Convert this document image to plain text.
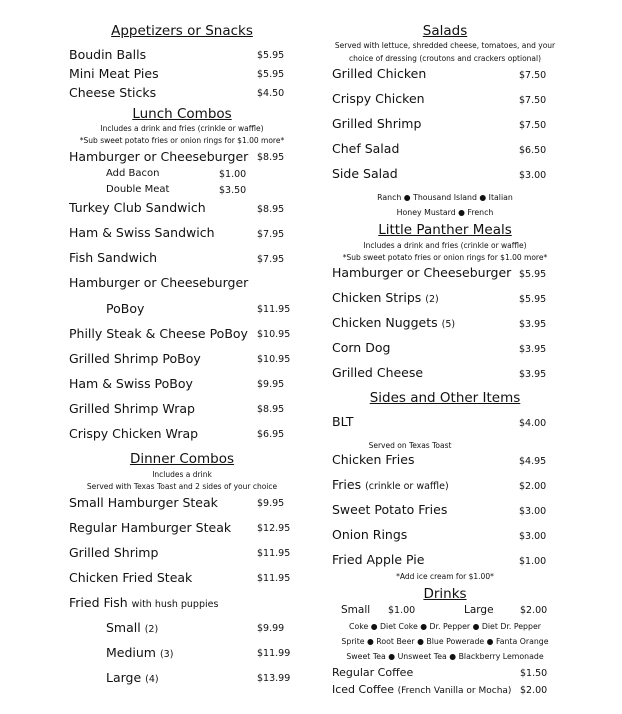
Appetizers or Snacks
Boudin Balls	$5.95
Mini Meat Pies	$5.95
Cheese Sticks	$4.50
Lunch Combos
Includes a drink and fries (crinkle or waffle)
*Sub sweet potato fries or onion rings for $1.00 more*
Hamburger or Cheeseburger $8.95
Add Bacon	$1.00
Double Meat	$3.50
Turkey Club Sandwich	$8.95
Ham & Swiss Sandwich	$7.95
Fish Sandwich	$7.95
Hamburger or Cheeseburger
PoBoy	$11.95
Philly Steak & Cheese PoBoy $10.95
Grilled Shrimp PoBoy	$10.95
Ham & Swiss PoBoy	$9.95
Grilled Shrimp Wrap	$8.95
Crispy Chicken Wrap	$6.95
Dinner Combos
Includes a drink
Served with Texas Toast and 2 sides of your choice
Small Hamburger Steak	$9.95
Regular Hamburger Steak	$12.95
Grilled Shrimp	$11.95
Chicken Fried Steak	$11.95
Fried Fish with hush puppies
Small (2)	$9.99
Medium (3)	$11.99
Large (4)	$13.99
Salads
Served with lettuce, shredded cheese, tomatoes, and your
choice of dressing (croutons and crackers optional)
Grilled Chicken	$7.50
Crispy Chicken	$7.50
Grilled Shrimp	$7.50
Chef Salad	$6.50
Side Salad	$3.00
Ranch ● Thousand Island ● Italian
Honey Mustard ● French
Little Panther Meals
Includes a drink and fries (crinkle or waffle)
*Sub sweet potato fries or onion rings for $1.00 more*
Hamburger or Cheeseburger $5.95
Chicken Strips (2)	$5.95
Chicken Nuggets (5)	$3.95
Corn Dog	$3.95
Grilled Cheese	$3.95
Sides and Other Items
BLT	$4.00
Served on Texas Toast
Chicken Fries	$4.95
Fries (crinkle or waffle)	$2.00
Sweet Potato Fries	$3.00
Onion Rings	$3.00
Fried Apple Pie	$1.00
*Add ice cream for $1.00*
Drinks
Small $1.00	Large	$2.00
Coke ● Diet Coke ● Dr. Pepper ● Diet Dr. Pepper
Sprite ● Root Beer ● Blue Powerade ● Fanta Orange
Sweet Tea ● Unsweet Tea ● Blackberry Lemonade
Regular Coffee	$1.50
Iced Coffee (French Vanilla or Mocha) $2.00
